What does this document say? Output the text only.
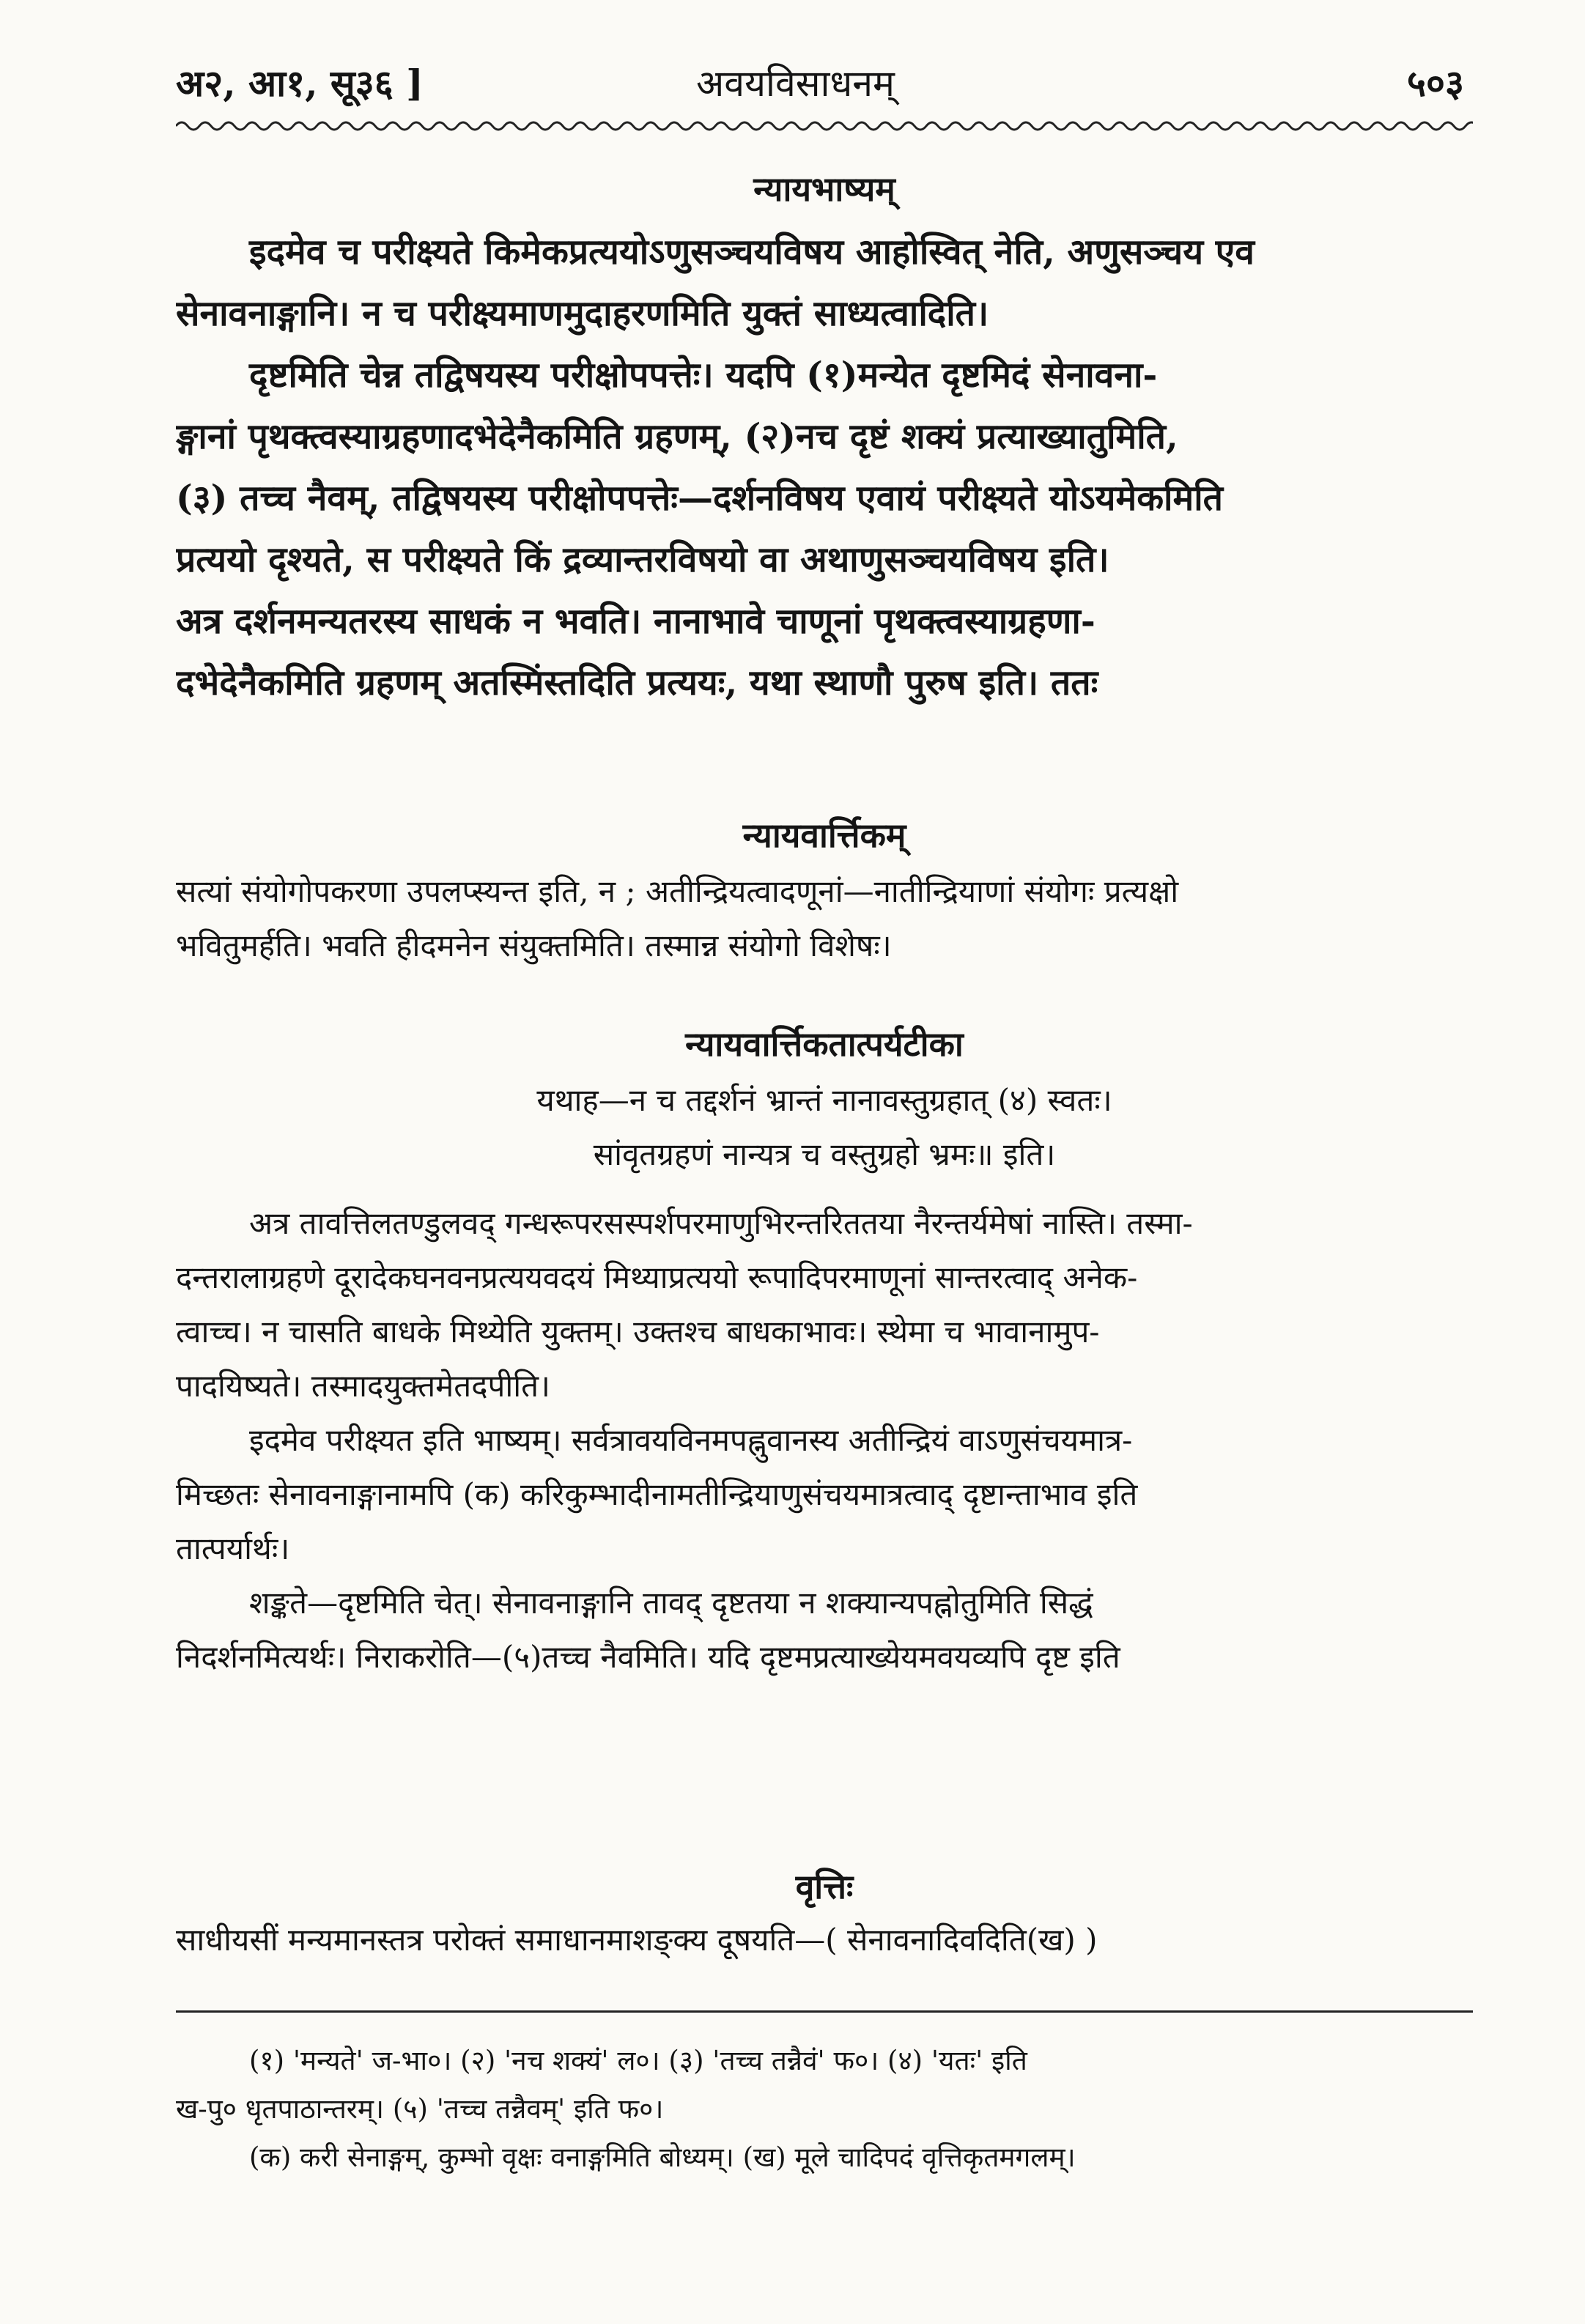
अ२, आ१, सू३६ ]	अवयविसाधनम्	५०३
न्यायभाष्यम्
इदमेव च परीक्ष्यते किमेकप्रत्ययोऽणुसञ्चयविषय आहोस्वित् नेति, अणुसञ्चय एव
सेनावनाङ्गानि। न च परीक्ष्यमाणमुदाहरणमिति युक्तं साध्यत्वादिति।
दृष्टमिति चेन्न तद्विषयस्य परीक्षोपपत्तेः। यदपि (१)मन्येत दृष्टमिदं सेनावना-
ङ्गानां पृथक्त्वस्याग्रहणादभेदेनैकमिति ग्रहणम्, (२)नच दृष्टं शक्यं प्रत्याख्यातुमिति,
(३) तच्च नैवम्, तद्विषयस्य परीक्षोपपत्तेः—दर्शनविषय एवायं परीक्ष्यते योऽयमेकमिति
प्रत्ययो दृश्यते, स परीक्ष्यते किं द्रव्यान्तरविषयो वा अथाणुसञ्चयविषय इति।
अत्र दर्शनमन्यतरस्य साधकं न भवति। नानाभावे चाणूनां पृथक्त्वस्याग्रहणा-
दभेदेनैकमिति ग्रहणम् अतस्मिंस्तदिति प्रत्ययः, यथा स्थाणौ पुरुष इति। ततः
न्यायवार्त्तिकम्
सत्यां संयोगोपकरणा उपलप्स्यन्त इति, न ; अतीन्द्रियत्वादणूनां—नातीन्द्रियाणां संयोगः प्रत्यक्षो
भवितुमर्हति। भवति हीदमनेन संयुक्तमिति। तस्मान्न संयोगो विशेषः।
न्यायवार्त्तिकतात्पर्यटीका
यथाह—न च तद्दर्शनं भ्रान्तं नानावस्तुग्रहात् (४) स्वतः।
सांवृतग्रहणं नान्यत्र च वस्तुग्रहो भ्रमः॥ इति।
अत्र तावत्तिलतण्डुलवद् गन्धरूपरसस्पर्शपरमाणुभिरन्तरिततया नैरन्तर्यमेषां नास्ति। तस्मा-
दन्तरालाग्रहणे दूरादेकघनवनप्रत्ययवदयं मिथ्याप्रत्ययो रूपादिपरमाणूनां सान्तरत्वाद् अनेक-
त्वाच्च। न चासति बाधके मिथ्येति युक्तम्। उक्तश्च बाधकाभावः। स्थेमा च भावानामुप-
पादयिष्यते। तस्मादयुक्तमेतदपीति।
इदमेव परीक्ष्यत इति भाष्यम्। सर्वत्रावयविनमपह्नुवानस्य अतीन्द्रियं वाऽणुसंचयमात्र-
मिच्छतः सेनावनाङ्गानामपि (क) करिकुम्भादीनामतीन्द्रियाणुसंचयमात्रत्वाद् दृष्टान्ताभाव इति
तात्पर्यार्थः।
शङ्कते—दृष्टमिति चेत्। सेनावनाङ्गानि तावद् दृष्टतया न शक्यान्यपह्नोतुमिति सिद्धं
निदर्शनमित्यर्थः। निराकरोति—(५)तच्च नैवमिति। यदि दृष्टमप्रत्याख्येयमवयव्यपि दृष्ट इति
वृत्तिः
साधीयसीं मन्यमानस्तत्र परोक्तं समाधानमाशङ्क्य दूषयति—( सेनावनादिवदिति(ख) )
(१) 'मन्यते' ज-भा०। (२) 'नच शक्यं' ल०। (३) 'तच्च तन्नैवं' फ०। (४) 'यतः' इति
ख-पु० धृतपाठान्तरम्। (५) 'तच्च तन्नैवम्' इति फ०।
(क) करी सेनाङ्गम्, कुम्भो वृक्षः वनाङ्गमिति बोध्यम्। (ख) मूले चादिपदं वृत्तिकृतमगलम्।
